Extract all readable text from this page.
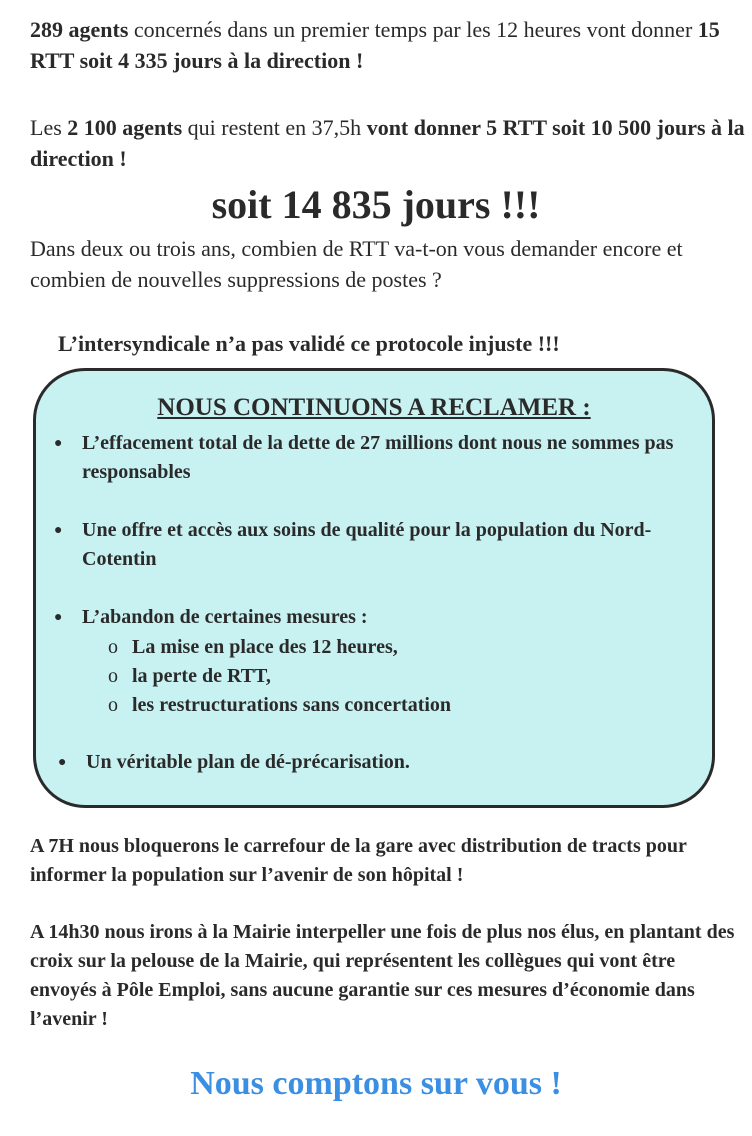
289 agents concernés dans un premier temps par les 12 heures vont donner 15 RTT soit 4 335 jours à la direction !

Les 2 100 agents qui restent en 37,5h vont donner 5 RTT soit 10 500 jours à la direction !

soit 14 835 jours !!!

Dans deux ou trois ans, combien de RTT va-t-on vous demander encore et combien de nouvelles suppressions de postes ?

L’intersyndicale n’a pas validé ce protocole injuste !!!

NOUS CONTINUONS A RECLAMER :

● L’effacement total de la dette de 27 millions dont nous ne sommes pas responsables
● Une offre et accès aux soins de qualité pour la population du Nord-Cotentin
● L’abandon de certaines mesures :
o La mise en place des 12 heures,
o la perte de RTT,
o les restructurations sans concertation
● Un véritable plan de dé-précarisation.

A 7H nous bloquerons le carrefour de la gare avec distribution de tracts pour informer la population sur l’avenir de son hôpital !

A 14h30 nous irons à la Mairie interpeller une fois de plus nos élus, en plantant des croix sur la pelouse de la Mairie, qui représentent les collègues qui vont être envoyés à Pôle Emploi, sans aucune garantie sur ces mesures d’économie dans l’avenir !

Nous comptons sur vous !
